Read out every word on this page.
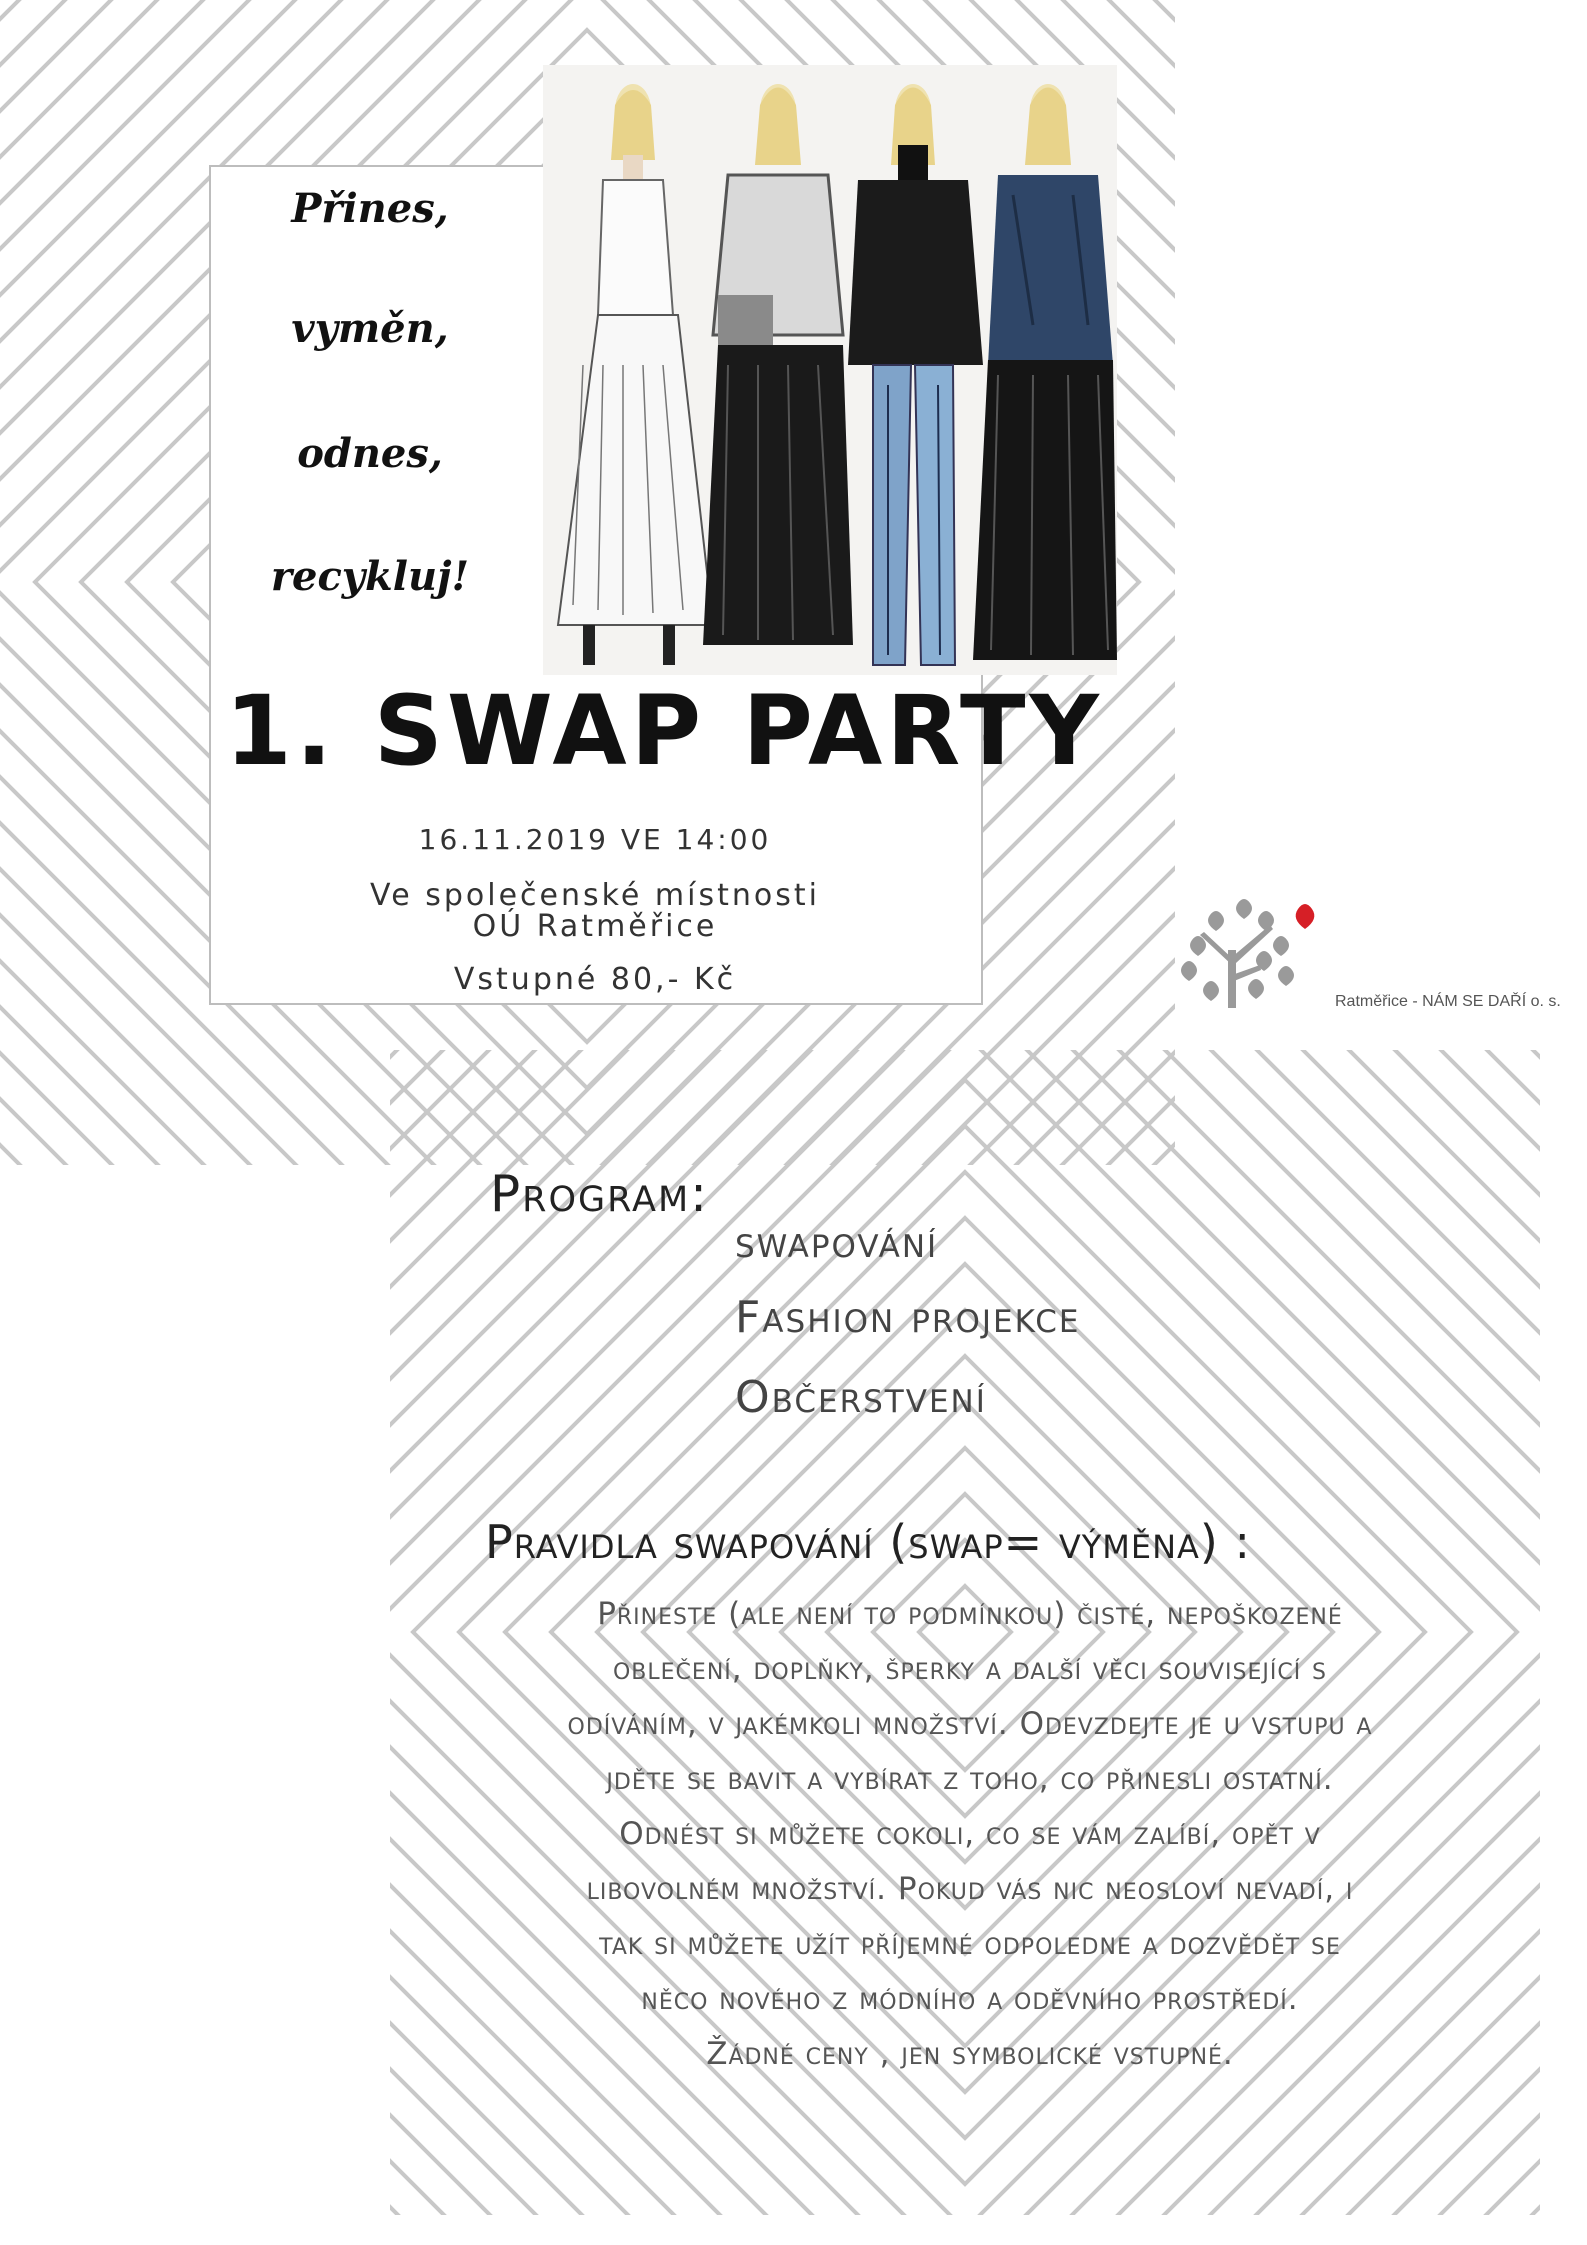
Přines,
vyměn,
odnes,
recykluj!
1. SWAP PARTY
16.11.2019 VE 14:00
Ve společenské místnosti
OÚ Ratměřice
Vstupné 80,- Kč
Ratměřice - NÁM SE DAŘÍ o. s.
Program:
swapování
Fashion projekce
Občerstvení
Pravidla swapování (swap= výměna) :
Přineste (ale není to podmínkou) čisté, nepoškozené
oblečení, doplňky, šperky a další věci související s
odíváním, v jakémkoli množství. Odevzdejte je u vstupu a
jděte se bavit a vybírat z toho, co přinesli ostatní.
Odnést si můžete cokoli, co se vám zalíbí, opět v
libovolném množství. Pokud vás nic neosloví nevadí, i
tak si můžete užít příjemné odpoledne a dozvědět se
něco nového z módního a oděvního prostředí.
Žádné ceny , jen symbolické vstupné.
